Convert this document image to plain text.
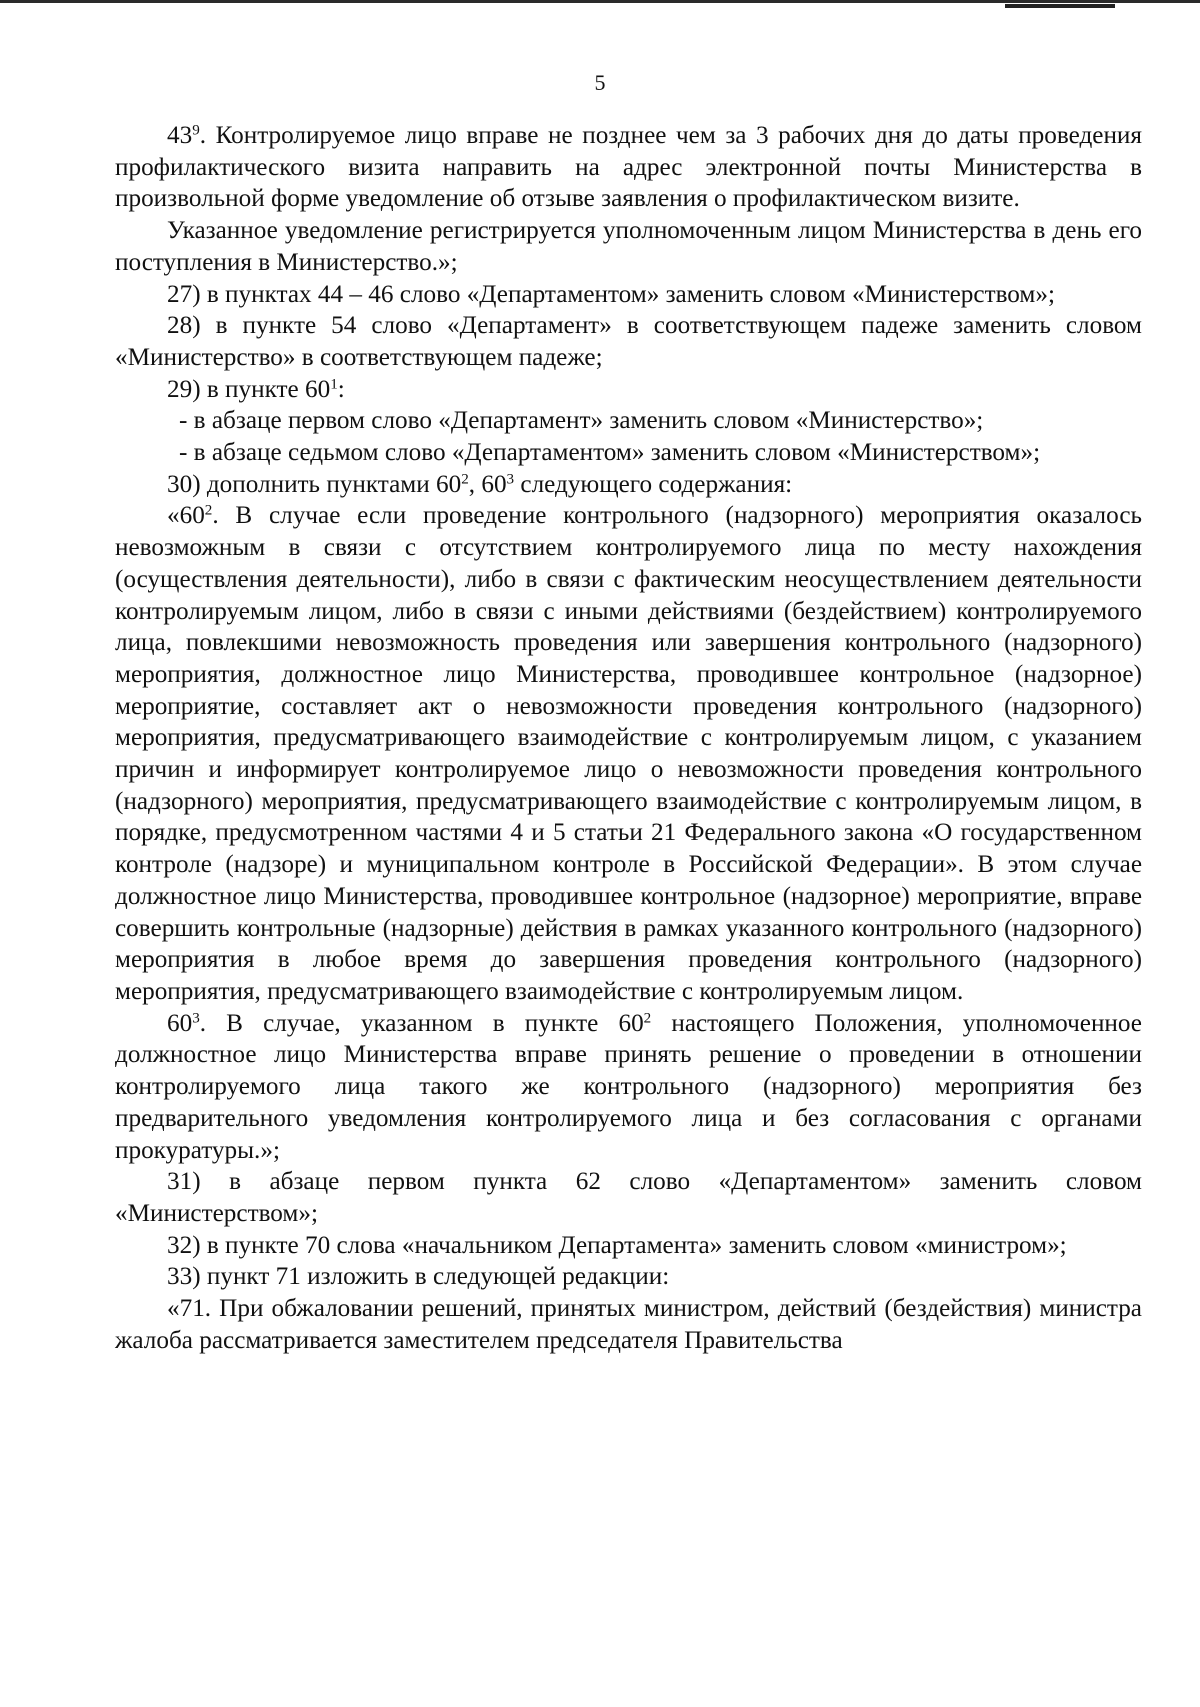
5

$43^9$. Контролируемое лицо вправе не позднее чем за 3 рабочих дня до даты проведения профилактического визита направить на адрес электронной почты Министерства в произвольной форме уведомление об отзыве заявления о профилактическом визите.

Указанное уведомление регистрируется уполномоченным лицом Министерства в день его поступления в Министерство.»;

27) в пунктах 44 – 46 слово «Департаментом» заменить словом «Министерством»;

28) в пункте 54 слово «Департамент» в соответствующем падеже заменить словом «Министерство» в соответствующем падеже;

29) в пункте $60^1$:

- в абзаце первом слово «Департамент» заменить словом «Министерство»;

- в абзаце седьмом слово «Департаментом» заменить словом «Министерством»;

30) дополнить пунктами $60^2$, $60^3$ следующего содержания:

«$60^2$. В случае если проведение контрольного (надзорного) мероприятия оказалось невозможным в связи с отсутствием контролируемого лица по месту нахождения (осуществления деятельности), либо в связи с фактическим неосуществлением деятельности контролируемым лицом, либо в связи с иными действиями (бездействием) контролируемого лица, повлекшими невозможность проведения или завершения контрольного (надзорного) мероприятия, должностное лицо Министерства, проводившее контрольное (надзорное) мероприятие, составляет акт о невозможности проведения контрольного (надзорного) мероприятия, предусматривающего взаимодействие с контролируемым лицом, с указанием причин и информирует контролируемое лицо о невозможности проведения контрольного (надзорного) мероприятия, предусматривающего взаимодействие с контролируемым лицом, в порядке, предусмотренном частями 4 и 5 статьи 21 Федерального закона «О государственном контроле (надзоре) и муниципальном контроле в Российской Федерации». В этом случае должностное лицо Министерства, проводившее контрольное (надзорное) мероприятие, вправе совершить контрольные (надзорные) действия в рамках указанного контрольного (надзорного) мероприятия в любое время до завершения проведения контрольного (надзорного) мероприятия, предусматривающего взаимодействие с контролируемым лицом.

$60^3$. В случае, указанном в пункте $60^2$ настоящего Положения, уполномоченное должностное лицо Министерства вправе принять решение о проведении в отношении контролируемого лица такого же контрольного (надзорного) мероприятия без предварительного уведомления контролируемого лица и без согласования с органами прокуратуры.»;

31) в абзаце первом пункта 62 слово «Департаментом» заменить словом «Министерством»;

32) в пункте 70 слова «начальником Департамента» заменить словом «министром»;

33) пункт 71 изложить в следующей редакции:

«71. При обжаловании решений, принятых министром, действий (бездействия) министра жалоба рассматривается заместителем председателя Правительства
